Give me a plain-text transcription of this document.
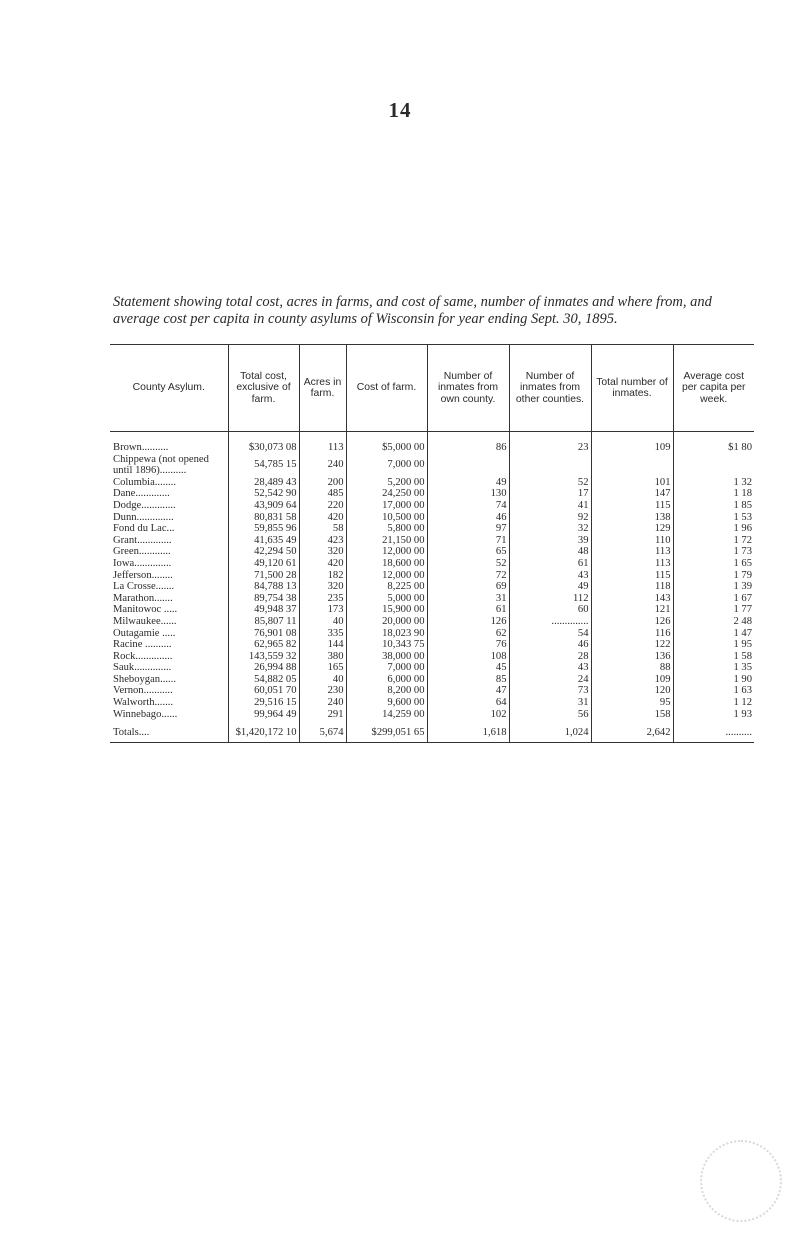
14
Statement showing total cost, acres in farms, and cost of same, number of inmates and where from, and average cost per capita in county asylums of Wisconsin for year ending Sept. 30, 1895.
County Asylum.	Total cost, exclusive of farm.	Acres in farm.	Cost of farm.	Number of inmates from own county.	Number of inmates from other counties.	Total number of inmates.	Average cost per capita per week.

Brown..........	$30,073 08	113	$5,000 00	86	23	109	$1 80
Chippewa (not opened until 1896)..........	54,785 15	240	7,000 00				
Columbia........	28,489 43	200	5,200 00	49	52	101	1 32
Dane.............	52,542 90	485	24,250 00	130	17	147	1 18
Dodge.............	43,909 64	220	17,000 00	74	41	115	1 85
Dunn..............	80,831 58	420	10,500 00	46	92	138	1 53
Fond du Lac...	59,855 96	58	5,800 00	97	32	129	1 96
Grant.............	41,635 49	423	21,150 00	71	39	110	1 72
Green............	42,294 50	320	12,000 00	65	48	113	1 73
Iowa..............	49,120 61	420	18,600 00	52	61	113	1 65
Jefferson........	71,500 28	182	12,000 00	72	43	115	1 79
La Crosse.......	84,788 13	320	8,225 00	69	49	118	1 39
Marathon.......	89,754 38	235	5,000 00	31	112	143	1 67
Manitowoc .....	49,948 37	173	15,900 00	61	60	121	1 77
Milwaukee......	85,807 11	40	20,000 00	126	..............	126	2 48
Outagamie .....	76,901 08	335	18,023 90	62	54	116	1 47
Racine ..........	62,965 82	144	10,343 75	76	46	122	1 95
Rock..............	143,559 32	380	38,000 00	108	28	136	1 58
Sauk..............	26,994 88	165	7,000 00	45	43	88	1 35
Sheboygan......	54,882 05	40	6,000 00	85	24	109	1 90
Vernon...........	60,051 70	230	8,200 00	47	73	120	1 63
Walworth.......	29,516 15	240	9,600 00	64	31	95	1 12
Winnebago......	99,964 49	291	14,259 00	102	56	158	1 93
Totals....	$1,420,172 10	5,674	$299,051 65	1,618	1,024	2,642	..........
